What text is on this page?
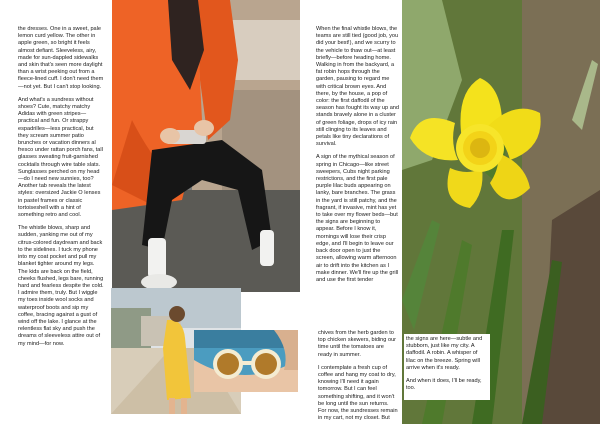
the dresses. One in a sweet, pale lemon curd yellow. The other in apple green, so bright it feels almost defiant. Sleeveless, airy, made for sun-dappled sidewalks and skin that's seen more daylight than a wrist peeking out from a fleece-lined cuff. I don't need them—not yet. But I can't stop looking.

And what's a sundress without shoes? Cute, matchy matchy Adidas with green stripes—practical and fun. Or strappy espadrilles—less practical, but they scream summer patio brunches or vacation dinners al fresco under rattan porch fans, tall glasses sweating fruit-garnished cocktails through wire table slats. Sunglasses perched on my head—do I need new sunnies, too? Another tab reveals the latest styles: oversized Jackie O lenses in pastel frames or classic tortoiseshell with a hint of something retro and cool.

The whistle blows, sharp and sudden, yanking me out of my citrus-colored daydream and back to the sidelines. I tuck my phone into my coat pocket and pull my blanket tighter around my legs. The kids are back on the field, cheeks flushed, legs bare, running hard and fearless despite the cold. I admire them, truly. But I wiggle my toes inside wool socks and waterproof boots and sip my coffee, bracing against a gust of wind off the lake. I glance at the relentless flat sky and push the dreams of sleeveless attire out of my mind—for now.

When the final whistle blows, the teams are still tied (good job, you did your best!), and we scurry to the vehicle to thaw out—at least briefly—before heading home. Walking in from the backyard, a fat robin hops through the garden, pausing to regard me with critical brown eyes. And there, by the house, a pop of color: the first daffodil of the season has fought its way up and stands bravely alone in a cluster of green foliage, drops of icy rain still clinging to its leaves and petals like tiny declarations of survival.

A sign of the mythical season of spring in Chicago—like street sweepers, Cubs night parking restrictions, and the first pale purple lilac buds appearing on lanky, bare branches. The grass in the yard is still patchy, and the fragrant, if invasive, mint has yet to take over my flower beds—but the signs are beginning to appear. Before I know it, mornings will lose their crisp edge, and I'll begin to leave our back door open to just the screen, allowing warm afternoon air to drift into the kitchen as I make dinner. We'll fire up the grill and use the first tender

chives from the herb garden to top chicken skewers, biding our time until the tomatoes are ready in summer.

I contemplate a fresh cup of coffee and hang my coat to dry, knowing I'll need it again tomorrow. But I can feel something shifting, and it won't be long until the sun returns. For now, the sundresses remain in my cart, not my closet. But

the signs are here—subtle and stubborn, just like my city. A daffodil. A robin. A whisper of lilac on the breeze. Spring will arrive when it's ready.

And when it does, I'll be ready, too.
